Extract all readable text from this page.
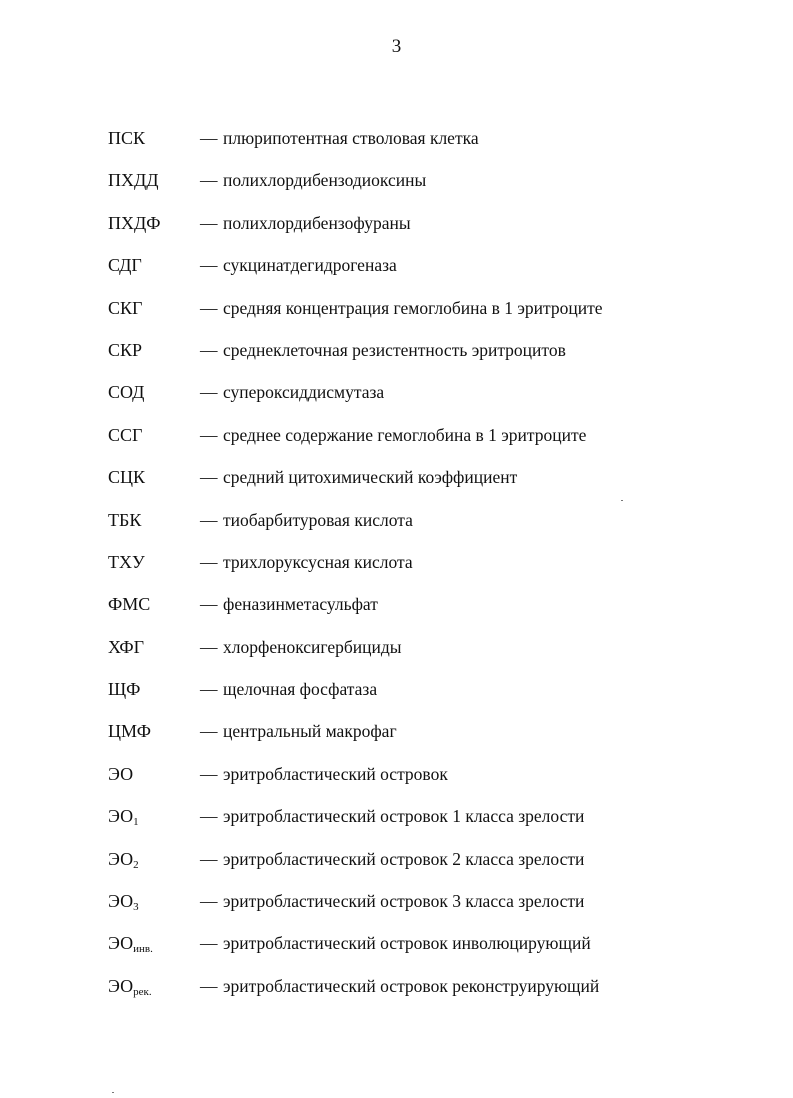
3
ПСК	— плюрипотентная стволовая клетка
ПХДД	— полихлордибензодиоксины
ПХДФ	— полихлордибензофураны
СДГ	— сукцинатдегидрогеназа
СКГ	— средняя концентрация гемоглобина в 1 эритроците
СКР	— среднеклеточная резистентность эритроцитов
СОД	— супероксиддисмутаза
ССГ	— среднее содержание гемоглобина в 1 эритроците
СЦК	— средний цитохимический коэффициент
ТБК	— тиобарбитуровая кислота
ТХУ	— трихлоруксусная кислота
ФМС	— феназинметасульфат
ХФГ	— хлорфеноксигербициды
ЩФ	— щелочная фосфатаза
ЦМФ	— центральный макрофаг
ЭО	— эритробластический островок
$ЭО_1$	— эритробластический островок 1 класса зрелости
$ЭО_2$	— эритробластический островок 2 класса зрелости
$ЭО_3$	— эритробластический островок 3 класса зрелости
$ЭО_{инв.}$	— эритробластический островок инволюцирующий
$ЭО_{рек.}$	— эритробластический островок реконструирующий
